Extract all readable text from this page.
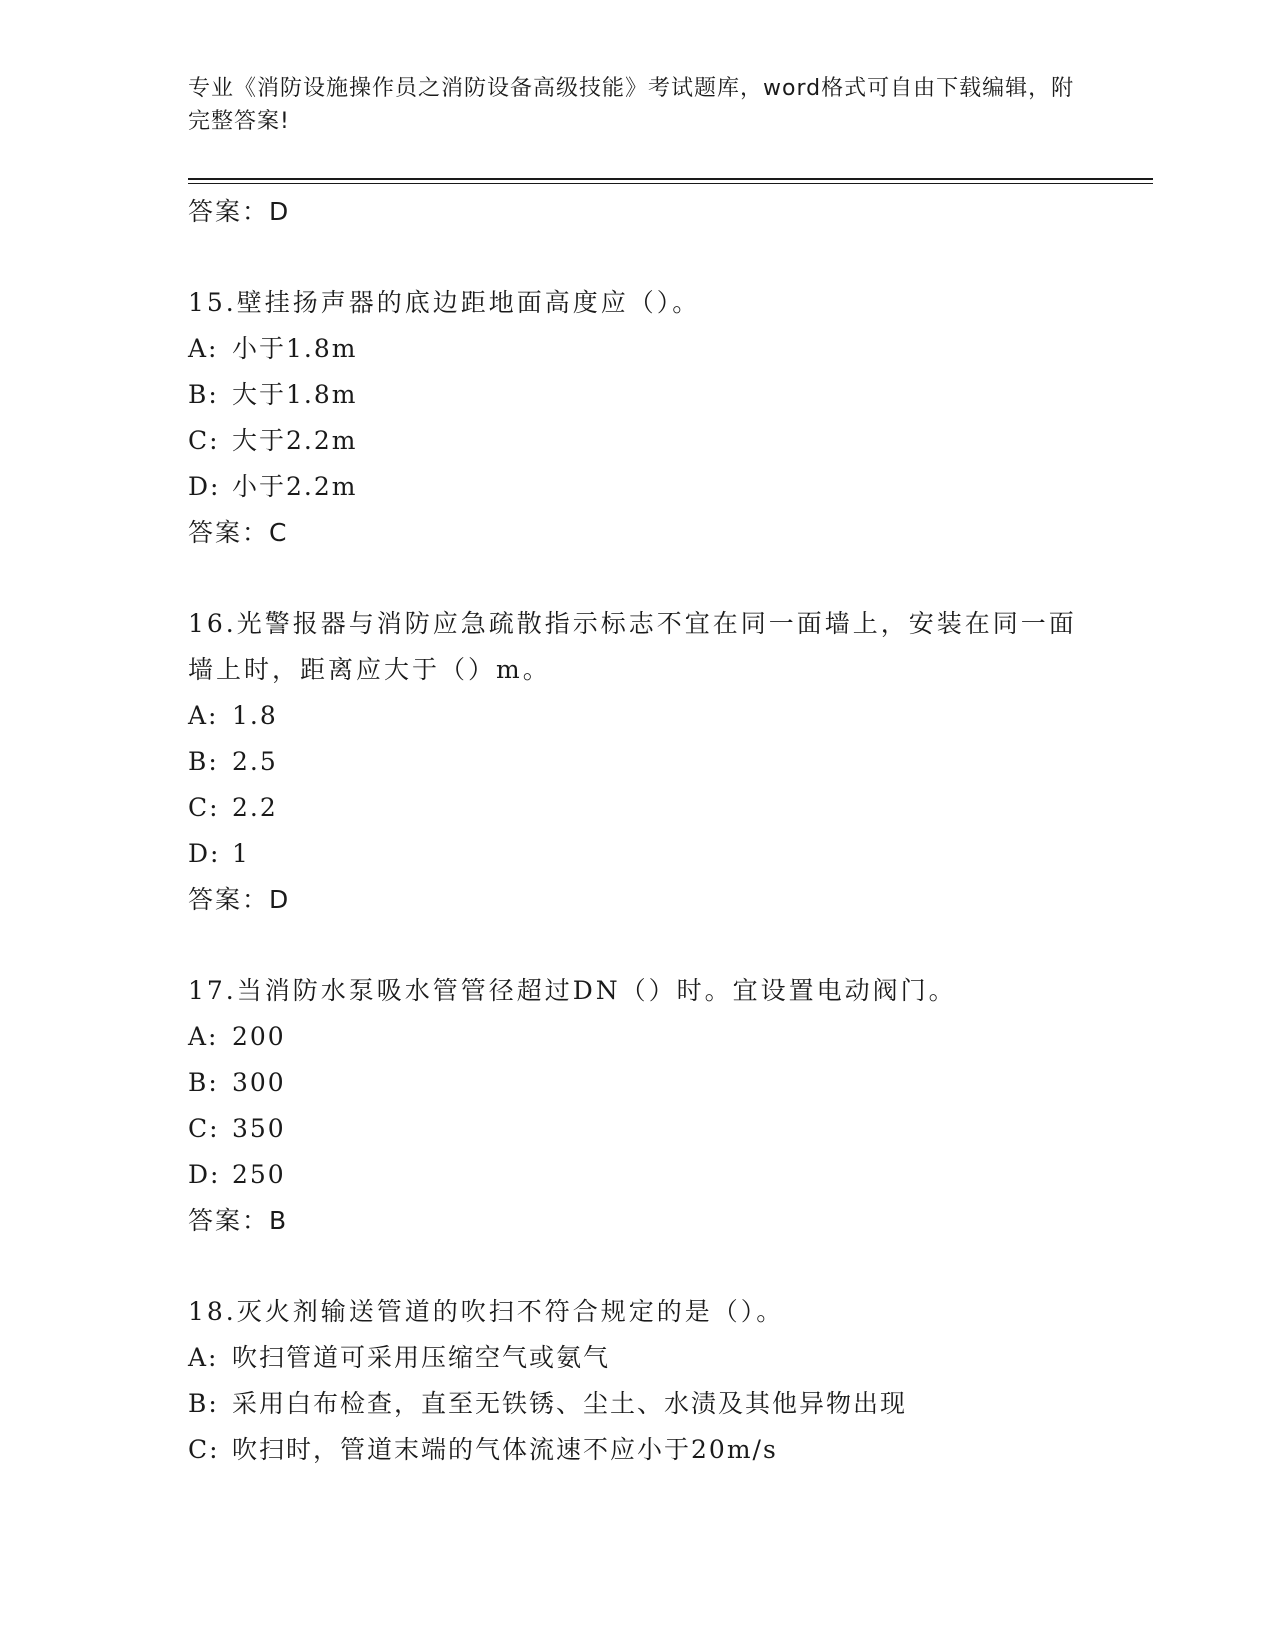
专业《消防设施操作员之消防设备高级技能》考试题库，word格式可自由下载编辑，附完整答案!
答案：D
15.壁挂扬声器的底边距地面高度应（）。
A: 小于1.8m
B: 大于1.8m
C: 大于2.2m
D: 小于2.2m
答案：C
16.光警报器与消防应急疏散指示标志不宜在同一面墙上，安装在同一面墙上时，距离应大于（）m。
A: 1.8
B: 2.5
C: 2.2
D: 1
答案：D
17.当消防水泵吸水管管径超过DN（）时。宜设置电动阀门。
A: 200
B: 300
C: 350
D: 250
答案：B
18.灭火剂输送管道的吹扫不符合规定的是（）。
A: 吹扫管道可采用压缩空气或氨气
B: 采用白布检查，直至无铁锈、尘土、水渍及其他异物出现
C: 吹扫时，管道末端的气体流速不应小于20m/s
